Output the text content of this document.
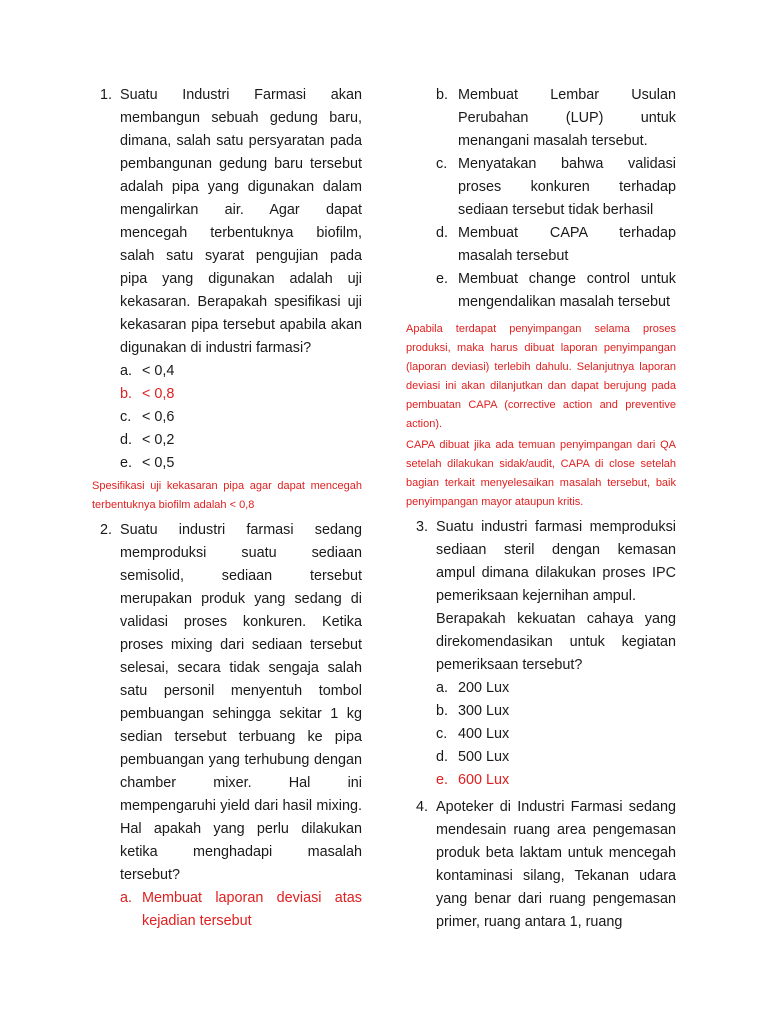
1. Suatu Industri Farmasi akan membangun sebuah gedung baru, dimana, salah satu persyaratan pada pembangunan gedung baru tersebut adalah pipa yang digunakan dalam mengalirkan air. Agar dapat mencegah terbentuknya biofilm, salah satu syarat pengujian pada pipa yang digunakan adalah uji kekasaran. Berapakah spesifikasi uji kekasaran pipa tersebut apabila akan digunakan di industri farmasi?
a. < 0,4
b. < 0,8
c. < 0,6
d. < 0,2
e. < 0,5
Spesifikasi uji kekasaran pipa agar dapat mencegah terbentuknya biofilm adalah < 0,8
2. Suatu industri farmasi sedang memproduksi suatu sediaan semisolid, sediaan tersebut merupakan produk yang sedang di validasi proses konkuren. Ketika proses mixing dari sediaan tersebut selesai, secara tidak sengaja salah satu personil menyentuh tombol pembuangan sehingga sekitar 1 kg sedian tersebut terbuang ke pipa pembuangan yang terhubung dengan chamber mixer. Hal ini mempengaruhi yield dari hasil mixing. Hal apakah yang perlu dilakukan ketika menghadapi masalah tersebut?
a. Membuat laporan deviasi atas kejadian tersebut
b. Membuat Lembar Usulan Perubahan (LUP) untuk menangani masalah tersebut.
c. Menyatakan bahwa validasi proses konkuren terhadap sediaan tersebut tidak berhasil
d. Membuat CAPA terhadap masalah tersebut
e. Membuat change control untuk mengendalikan masalah tersebut
Apabila terdapat penyimpangan selama proses produksi, maka harus dibuat laporan penyimpangan (laporan deviasi) terlebih dahulu. Selanjutnya laporan deviasi ini akan dilanjutkan dan dapat berujung pada pembuatan CAPA (corrective action and preventive action).
CAPA dibuat jika ada temuan penyimpangan dari QA setelah dilakukan sidak/audit, CAPA di close setelah bagian terkait menyelesaikan masalah tersebut, baik penyimpangan mayor ataupun kritis.
3. Suatu industri farmasi memproduksi sediaan steril dengan kemasan ampul dimana dilakukan proses IPC pemeriksaan kejernihan ampul.
Berapakah kekuatan cahaya yang direkomendasikan untuk kegiatan pemeriksaan tersebut?
a. 200 Lux
b. 300 Lux
c. 400 Lux
d. 500 Lux
e. 600 Lux
4. Apoteker di Industri Farmasi sedang mendesain ruang area pengemasan produk beta laktam untuk mencegah kontaminasi silang, Tekanan udara yang benar dari ruang pengemasan primer, ruang antara 1, ruang
